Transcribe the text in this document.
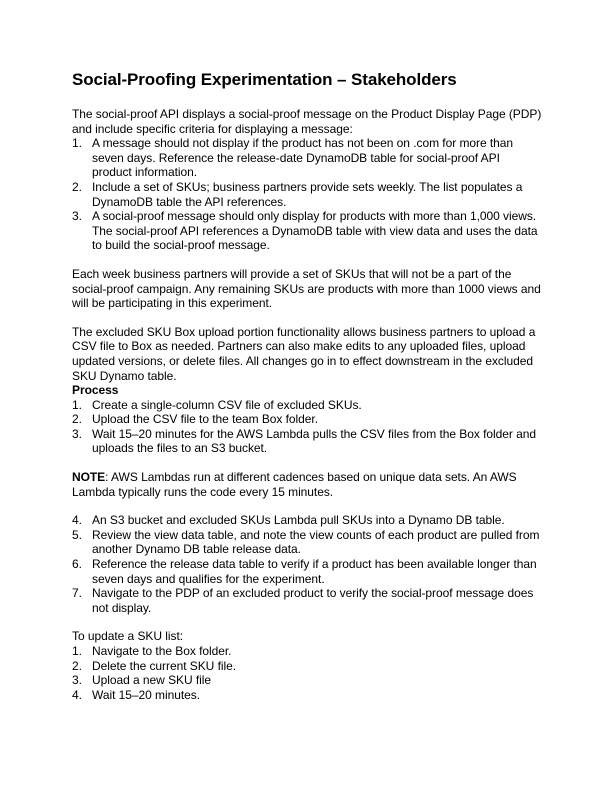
Social-Proofing Experimentation – Stakeholders

The social-proof API displays a social-proof message on the Product Display Page (PDP) and include specific criteria for displaying a message:

1. A message should not display if the product has not been on .com for more than seven days. Reference the release-date DynamoDB table for social-proof API product information.
2. Include a set of SKUs; business partners provide sets weekly. The list populates a DynamoDB table the API references.
3. A social-proof message should only display for products with more than 1,000 views. The social-proof API references a DynamoDB table with view data and uses the data to build the social-proof message.

Each week business partners will provide a set of SKUs that will not be a part of the social-proof campaign. Any remaining SKUs are products with more than 1000 views and will be participating in this experiment.

The excluded SKU Box upload portion functionality allows business partners to upload a CSV file to Box as needed. Partners can also make edits to any uploaded files, upload updated versions, or delete files. All changes go in to effect downstream in the excluded SKU Dynamo table.

Process

1. Create a single-column CSV file of excluded SKUs.
2. Upload the CSV file to the team Box folder.
3. Wait 15–20 minutes for the AWS Lambda pulls the CSV files from the Box folder and uploads the files to an S3 bucket.

NOTE: AWS Lambdas run at different cadences based on unique data sets. An AWS Lambda typically runs the code every 15 minutes.

4. An S3 bucket and excluded SKUs Lambda pull SKUs into a Dynamo DB table.
5. Review the view data table, and note the view counts of each product are pulled from another Dynamo DB table release data.
6. Reference the release data table to verify if a product has been available longer than seven days and qualifies for the experiment.
7. Navigate to the PDP of an excluded product to verify the social-proof message does not display.

To update a SKU list:

1. Navigate to the Box folder.
2. Delete the current SKU file.
3. Upload a new SKU file
4. Wait 15–20 minutes.
